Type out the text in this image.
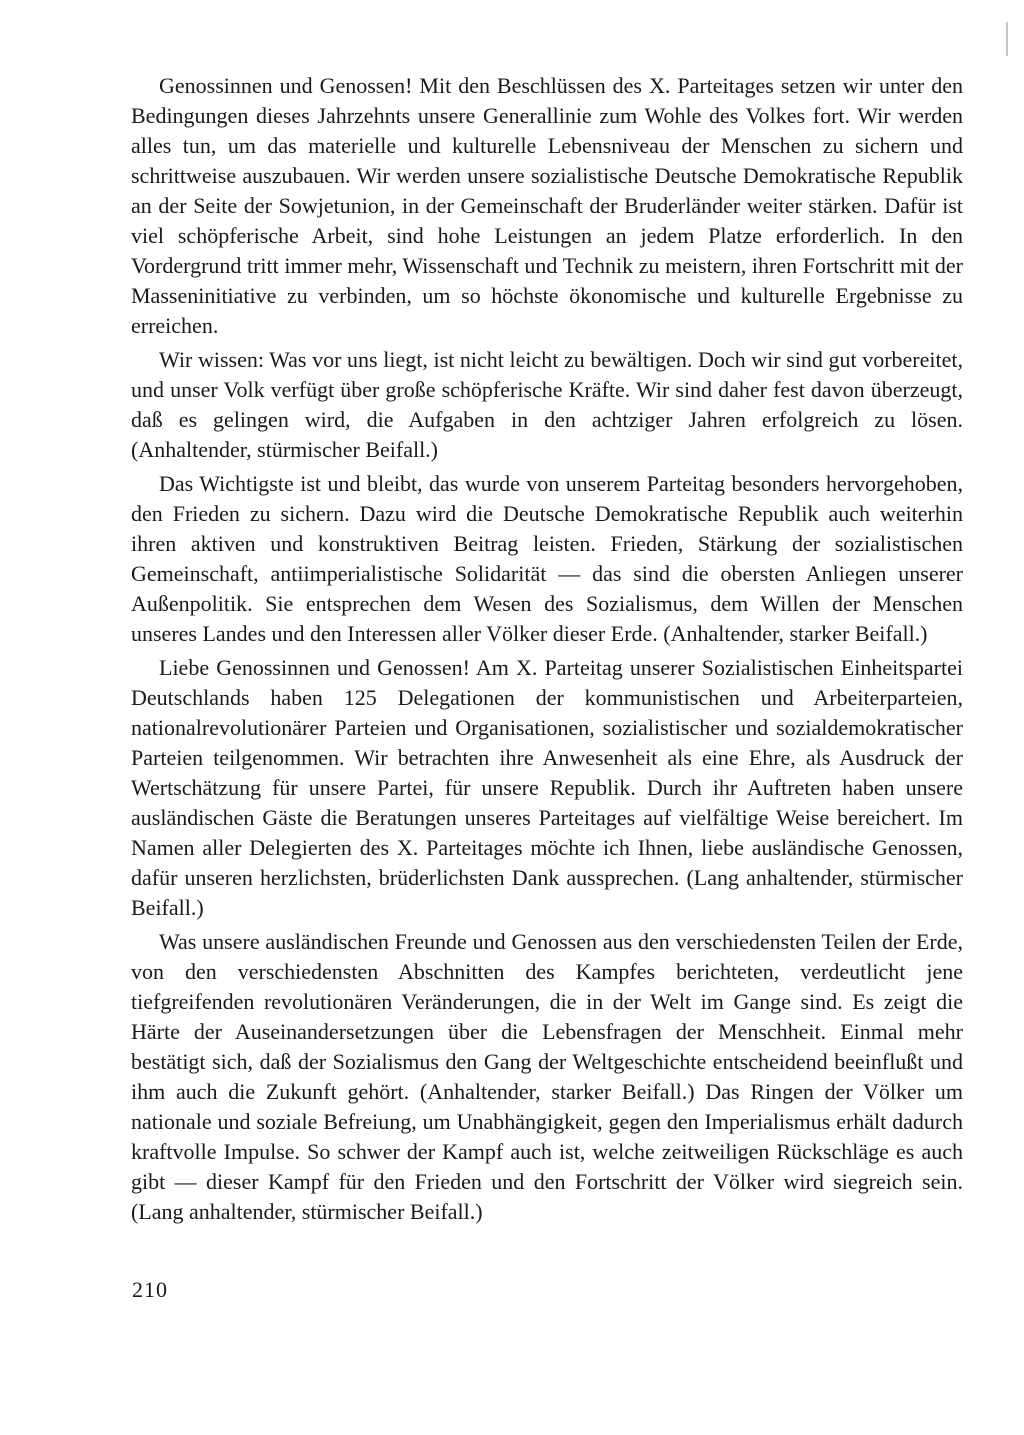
Genossinnen und Genossen! Mit den Beschlüssen des X. Parteitages setzen wir unter den Bedingungen dieses Jahrzehnts unsere Generallinie zum Wohle des Volkes fort. Wir werden alles tun, um das materielle und kulturelle Lebensniveau der Menschen zu sichern und schrittweise auszubauen. Wir werden unsere sozialistische Deutsche Demokratische Republik an der Seite der Sowjetunion, in der Gemeinschaft der Bruderländer weiter stärken. Dafür ist viel schöpferische Arbeit, sind hohe Leistungen an jedem Platze erforderlich. In den Vordergrund tritt immer mehr, Wissenschaft und Technik zu meistern, ihren Fortschritt mit der Masseninitiative zu verbinden, um so höchste ökonomische und kulturelle Ergebnisse zu erreichen.

Wir wissen: Was vor uns liegt, ist nicht leicht zu bewältigen. Doch wir sind gut vorbereitet, und unser Volk verfügt über große schöpferische Kräfte. Wir sind daher fest davon überzeugt, daß es gelingen wird, die Aufgaben in den achtziger Jahren erfolgreich zu lösen. (Anhaltender, stürmischer Beifall.)

Das Wichtigste ist und bleibt, das wurde von unserem Parteitag besonders hervorgehoben, den Frieden zu sichern. Dazu wird die Deutsche Demokratische Republik auch weiterhin ihren aktiven und konstruktiven Beitrag leisten. Frieden, Stärkung der sozialistischen Gemeinschaft, antiimperialistische Solidarität — das sind die obersten Anliegen unserer Außenpolitik. Sie entsprechen dem Wesen des Sozialismus, dem Willen der Menschen unseres Landes und den Interessen aller Völker dieser Erde. (Anhaltender, starker Beifall.)

Liebe Genossinnen und Genossen! Am X. Parteitag unserer Sozialistischen Einheitspartei Deutschlands haben 125 Delegationen der kommunistischen und Arbeiterparteien, nationalrevolutionärer Parteien und Organisationen, sozialistischer und sozialdemokratischer Parteien teilgenommen. Wir betrachten ihre Anwesenheit als eine Ehre, als Ausdruck der Wertschätzung für unsere Partei, für unsere Republik. Durch ihr Auftreten haben unsere ausländischen Gäste die Beratungen unseres Parteitages auf vielfältige Weise bereichert. Im Namen aller Delegierten des X. Parteitages möchte ich Ihnen, liebe ausländische Genossen, dafür unseren herzlichsten, brüderlichsten Dank aussprechen. (Lang anhaltender, stürmischer Beifall.)

Was unsere ausländischen Freunde und Genossen aus den verschiedensten Teilen der Erde, von den verschiedensten Abschnitten des Kampfes berichteten, verdeutlicht jene tiefgreifenden revolutionären Veränderungen, die in der Welt im Gange sind. Es zeigt die Härte der Auseinandersetzungen über die Lebensfragen der Menschheit. Einmal mehr bestätigt sich, daß der Sozialismus den Gang der Weltgeschichte entscheidend beeinflußt und ihm auch die Zukunft gehört. (Anhaltender, starker Beifall.) Das Ringen der Völker um nationale und soziale Befreiung, um Unabhängigkeit, gegen den Imperialismus erhält dadurch kraftvolle Impulse. So schwer der Kampf auch ist, welche zeitweiligen Rückschläge es auch gibt — dieser Kampf für den Frieden und den Fortschritt der Völker wird siegreich sein. (Lang anhaltender, stürmischer Beifall.)

210
